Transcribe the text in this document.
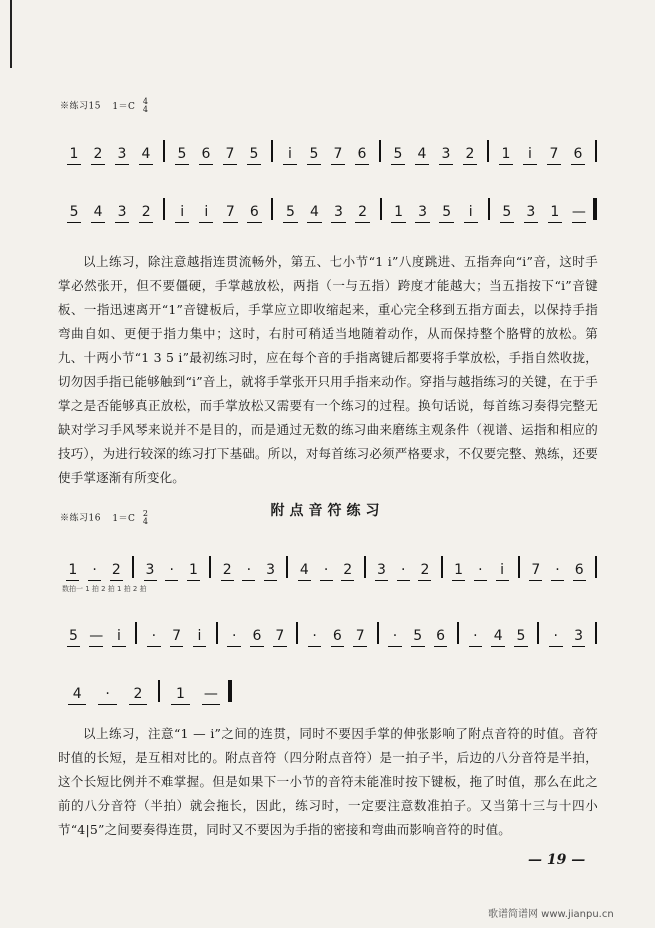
※练习15 1＝C 4
4
1	2	3	4	5	6	7	5	i	5	7	6	5	4	3	2	1	i	7	6
5	4	3	2	i	i	7	6	5	4	3	2	1	3	5	i	5	3	1 —

以上练习，除注意越指连贯流畅外，第五、七小节“1 i”八度跳进、五指奔向“i”音，这时手掌必然张开，但不要僵硬，手掌越放松，两指（一与五指）跨度才能越大；当五指按下“i”音键板、一指迅速离开“1”音键板后，手掌应立即收缩起来，重心完全移到五指方面去，以保持手指弯曲自如、更便于指力集中；这时，右肘可稍适当地随着动作，从而保持整个胳臂的放松。第九、十两小节“1 3 5 i”最初练习时，应在每个音的手指离键后都要将手掌放松，手指自然收拢，切勿因手指已能够触到“i”音上，就将手掌张开只用手指来动作。穿指与越指练习的关键，在于手掌之是否能够真正放松，而手掌放松又需要有一个练习的过程。换句话说，每首练习奏得完整无缺对学习手风琴来说并不是目的，而是通过无数的练习曲来磨练主观条件（视谱、运指和相应的技巧），为进行较深的练习打下基础。所以，对每首练习必须严格要求，不仅要完整、熟练，还要使手掌逐渐有所变化。

※练习16 1＝C 2
4
附点音符练习
1	·	2	3	·	1	2	·	3	4	·	2	3	·	2	1	·	i	7	·	6
数拍一 1 拍 2 拍 1 拍 2 拍
5 — i	·	7	i	·	6 7	·	6 7	·	5 6	·	4 5	·	3
4	·	2	1	—

以上练习，注意“1 — i”之间的连贯，同时不要因手掌的伸张影响了附点音符的时值。音符时值的长短，是互相对比的。附点音符（四分附点音符）是一拍子半，后边的八分音符是半拍，这个长短比例并不难掌握。但是如果下一小节的音符未能准时按下键板，拖了时值，那么在此之前的八分音符（半拍）就会拖长，因此，练习时，一定要注意数准拍子。又当第十三与十四小节“4|5”之间要奏得连贯，同时又不要因为手指的密接和弯曲而影响音符的时值。

— 19 —
歌谱简谱网 www.jianpu.cn
